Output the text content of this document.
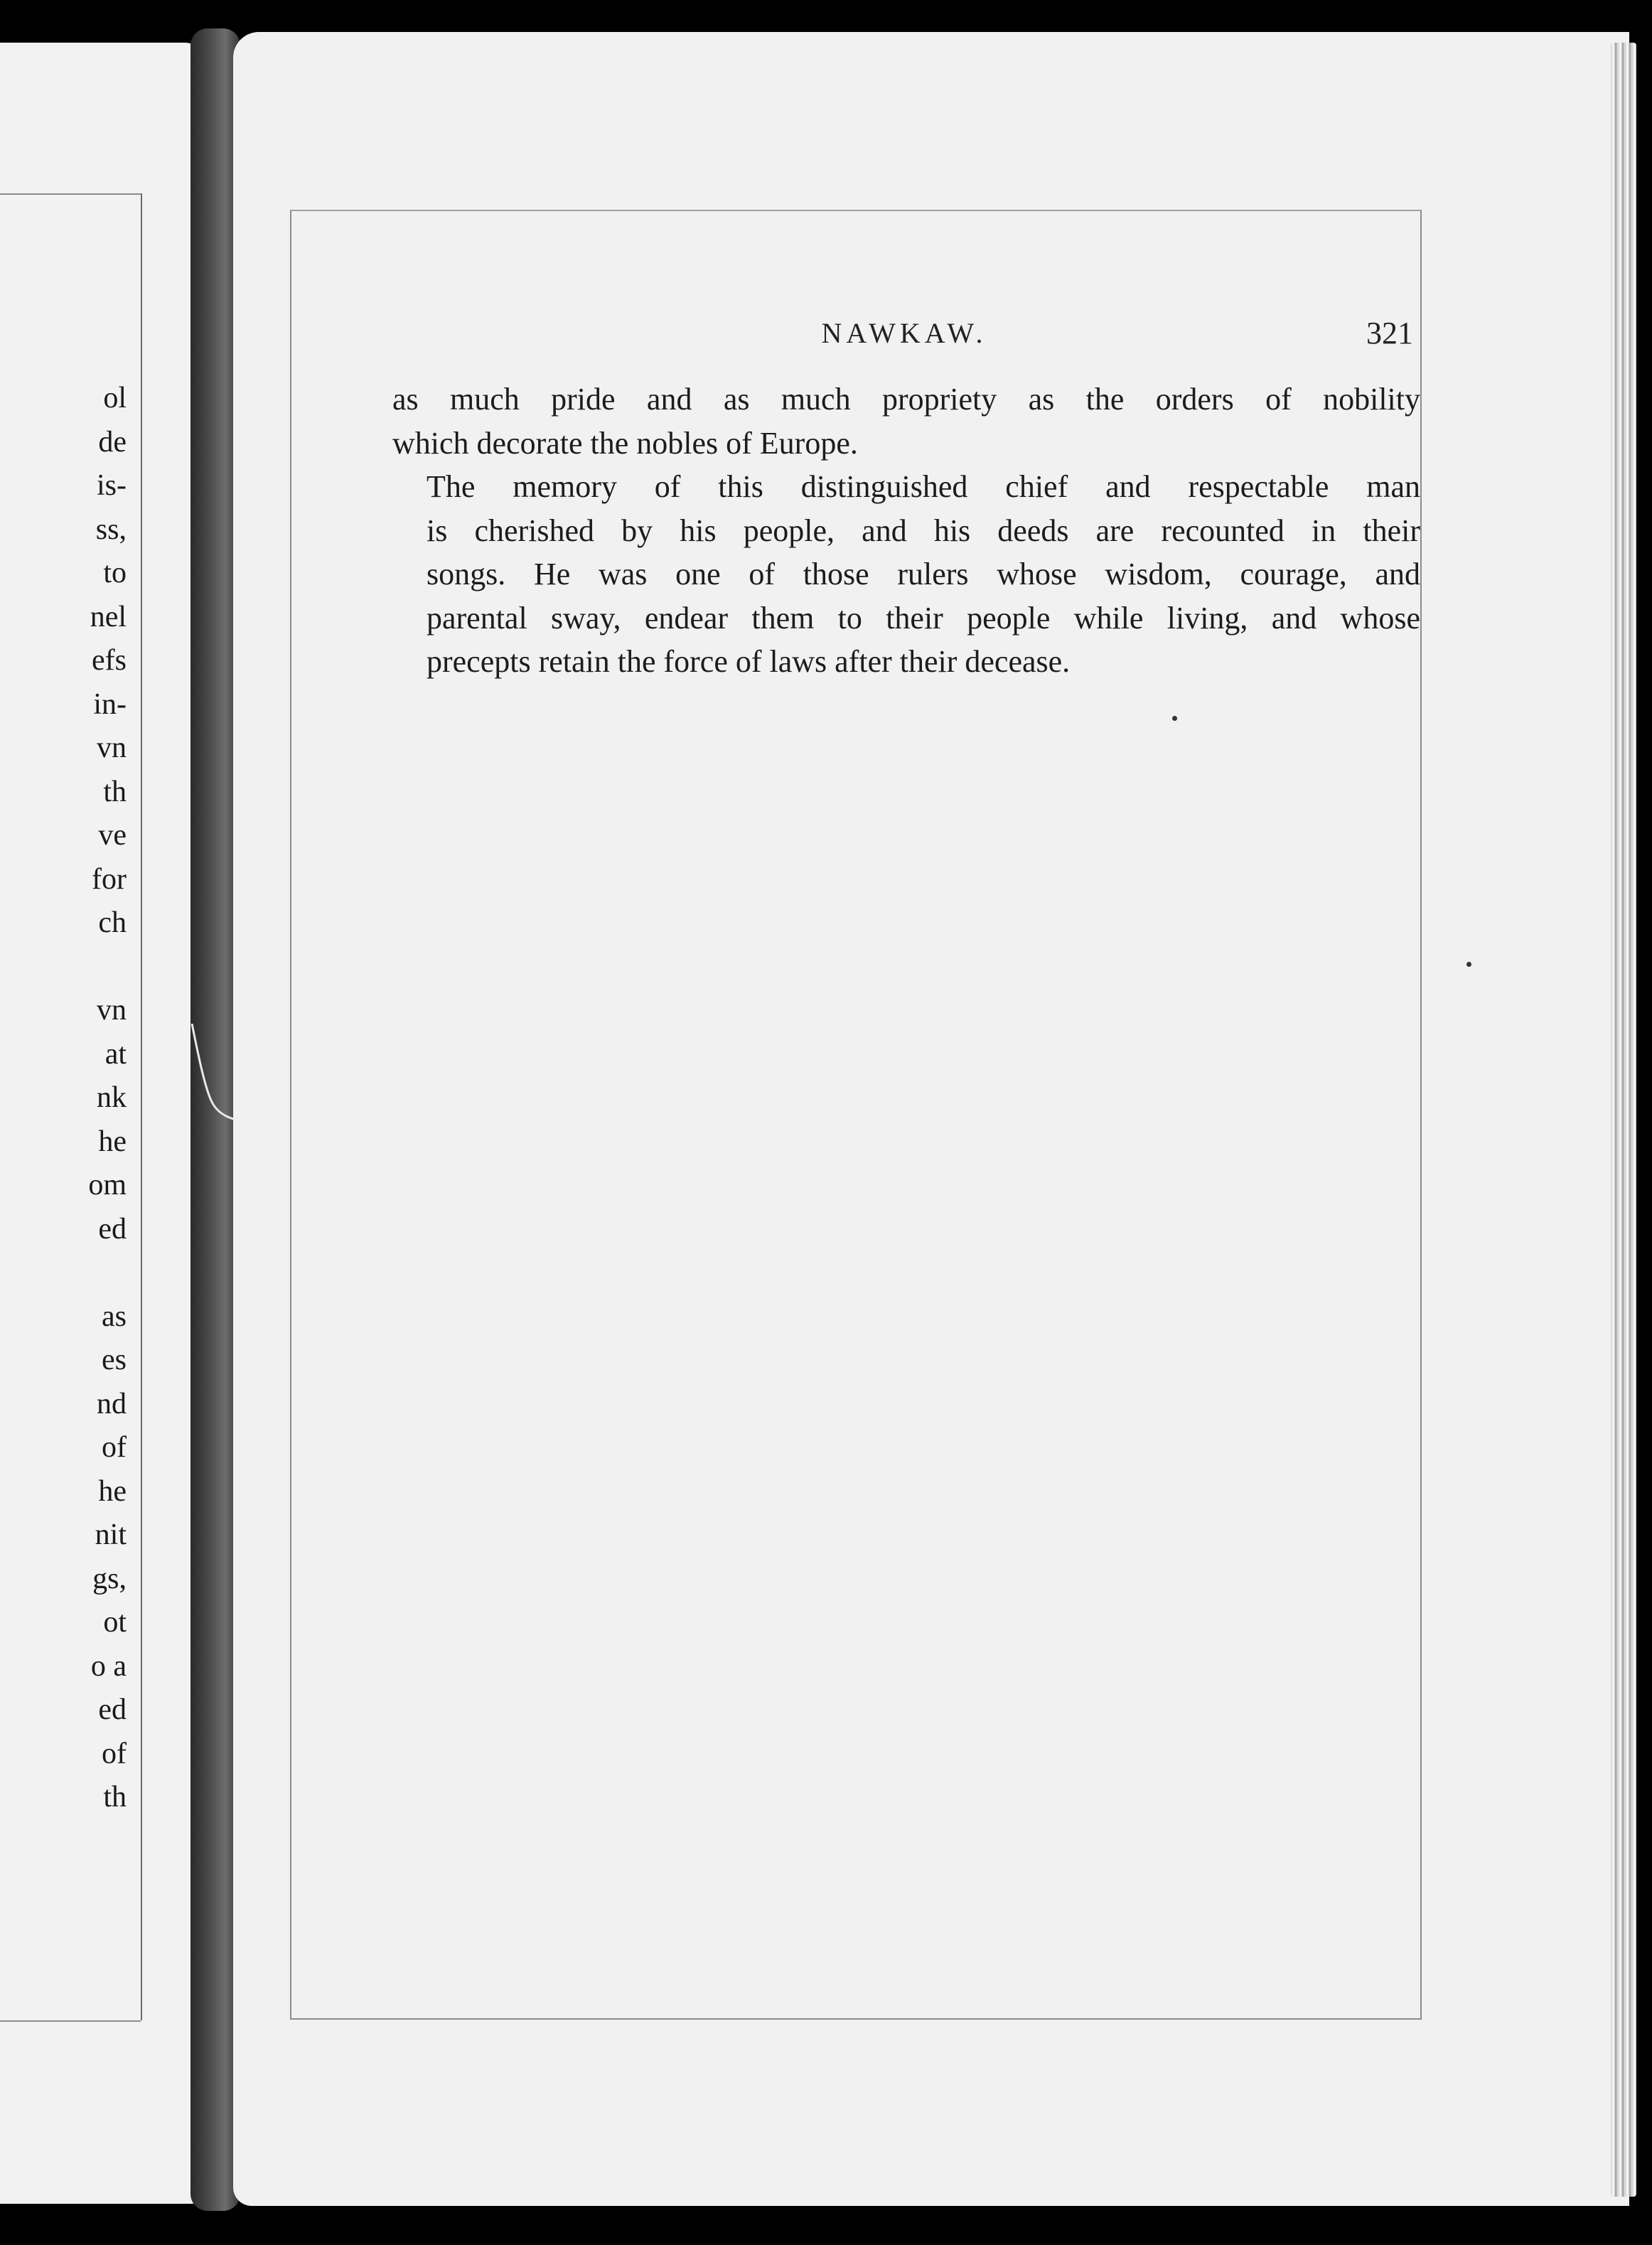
ol
de
is-
ss,
to
nel
efs
in-
vn
th
ve
for
ch
vn
at
nk
he
om
ed
as
es
nd
of
he
nit
gs,
ot
o a
ed
of
th
NAWKAW.	321

as much pride and as much propriety as the orders of nobility
which decorate the nobles of Europe.

The memory of this distinguished chief and respectable man
is cherished by his people, and his deeds are recounted in their
songs. He was one of those rulers whose wisdom, courage, and
parental sway, endear them to their people while living, and whose
precepts retain the force of laws after their decease.
